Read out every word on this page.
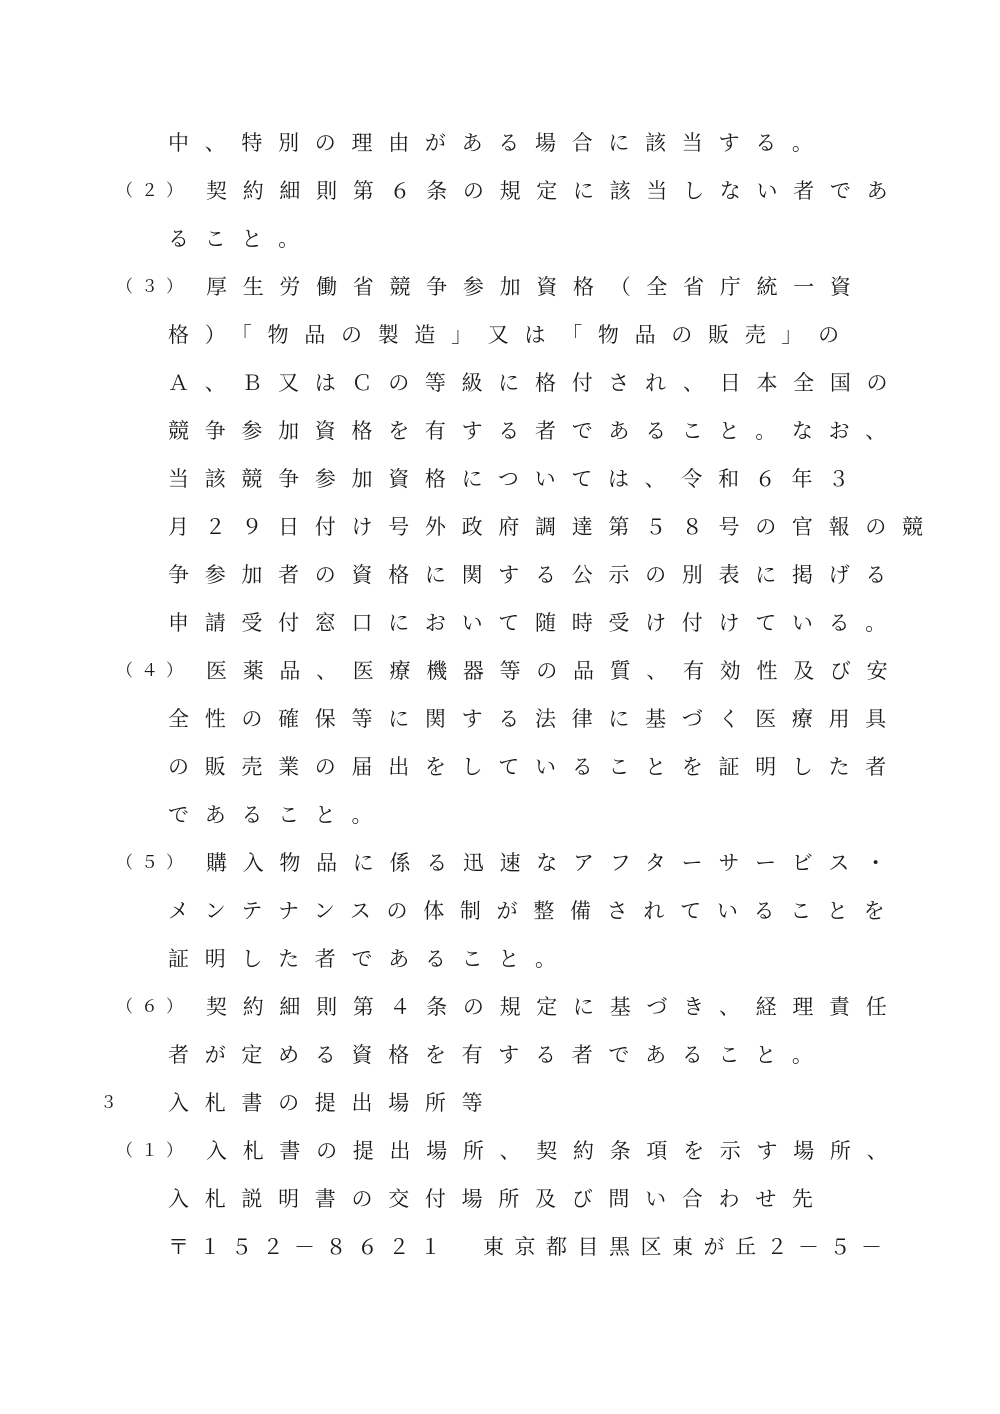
中、特別の理由がある場合に該当する。
（２） 契約細則第６条の規定に該当しない者であ
ること。
（３） 厚生労働省競争参加資格（全省庁統一資
格）「物品の製造」又は「物品の販売」の
Ａ、Ｂ又はＣの等級に格付され、日本全国の
競争参加資格を有する者であること。なお、
当該競争参加資格については、令和６年３
月２９日付け号外政府調達第５８号の官報の競
争参加者の資格に関する公示の別表に掲げる
申請受付窓口において随時受け付けている。
（４） 医薬品、医療機器等の品質、有効性及び安
全性の確保等に関する法律に基づく医療用具
の販売業の届出をしていることを証明した者
であること。
（５） 購入物品に係る迅速なアフターサービス・
メンテナンスの体制が整備されていることを
証明した者であること。
（６） 契約細則第４条の規定に基づき、経理責任
者が定める資格を有する者であること。
３ 入札書の提出場所等
（１） 入札書の提出場所、契約条項を示す場所、
入札説明書の交付場所及び問い合わせ先
〒１５２－８６２１　東京都目黒区東が丘２－５－
